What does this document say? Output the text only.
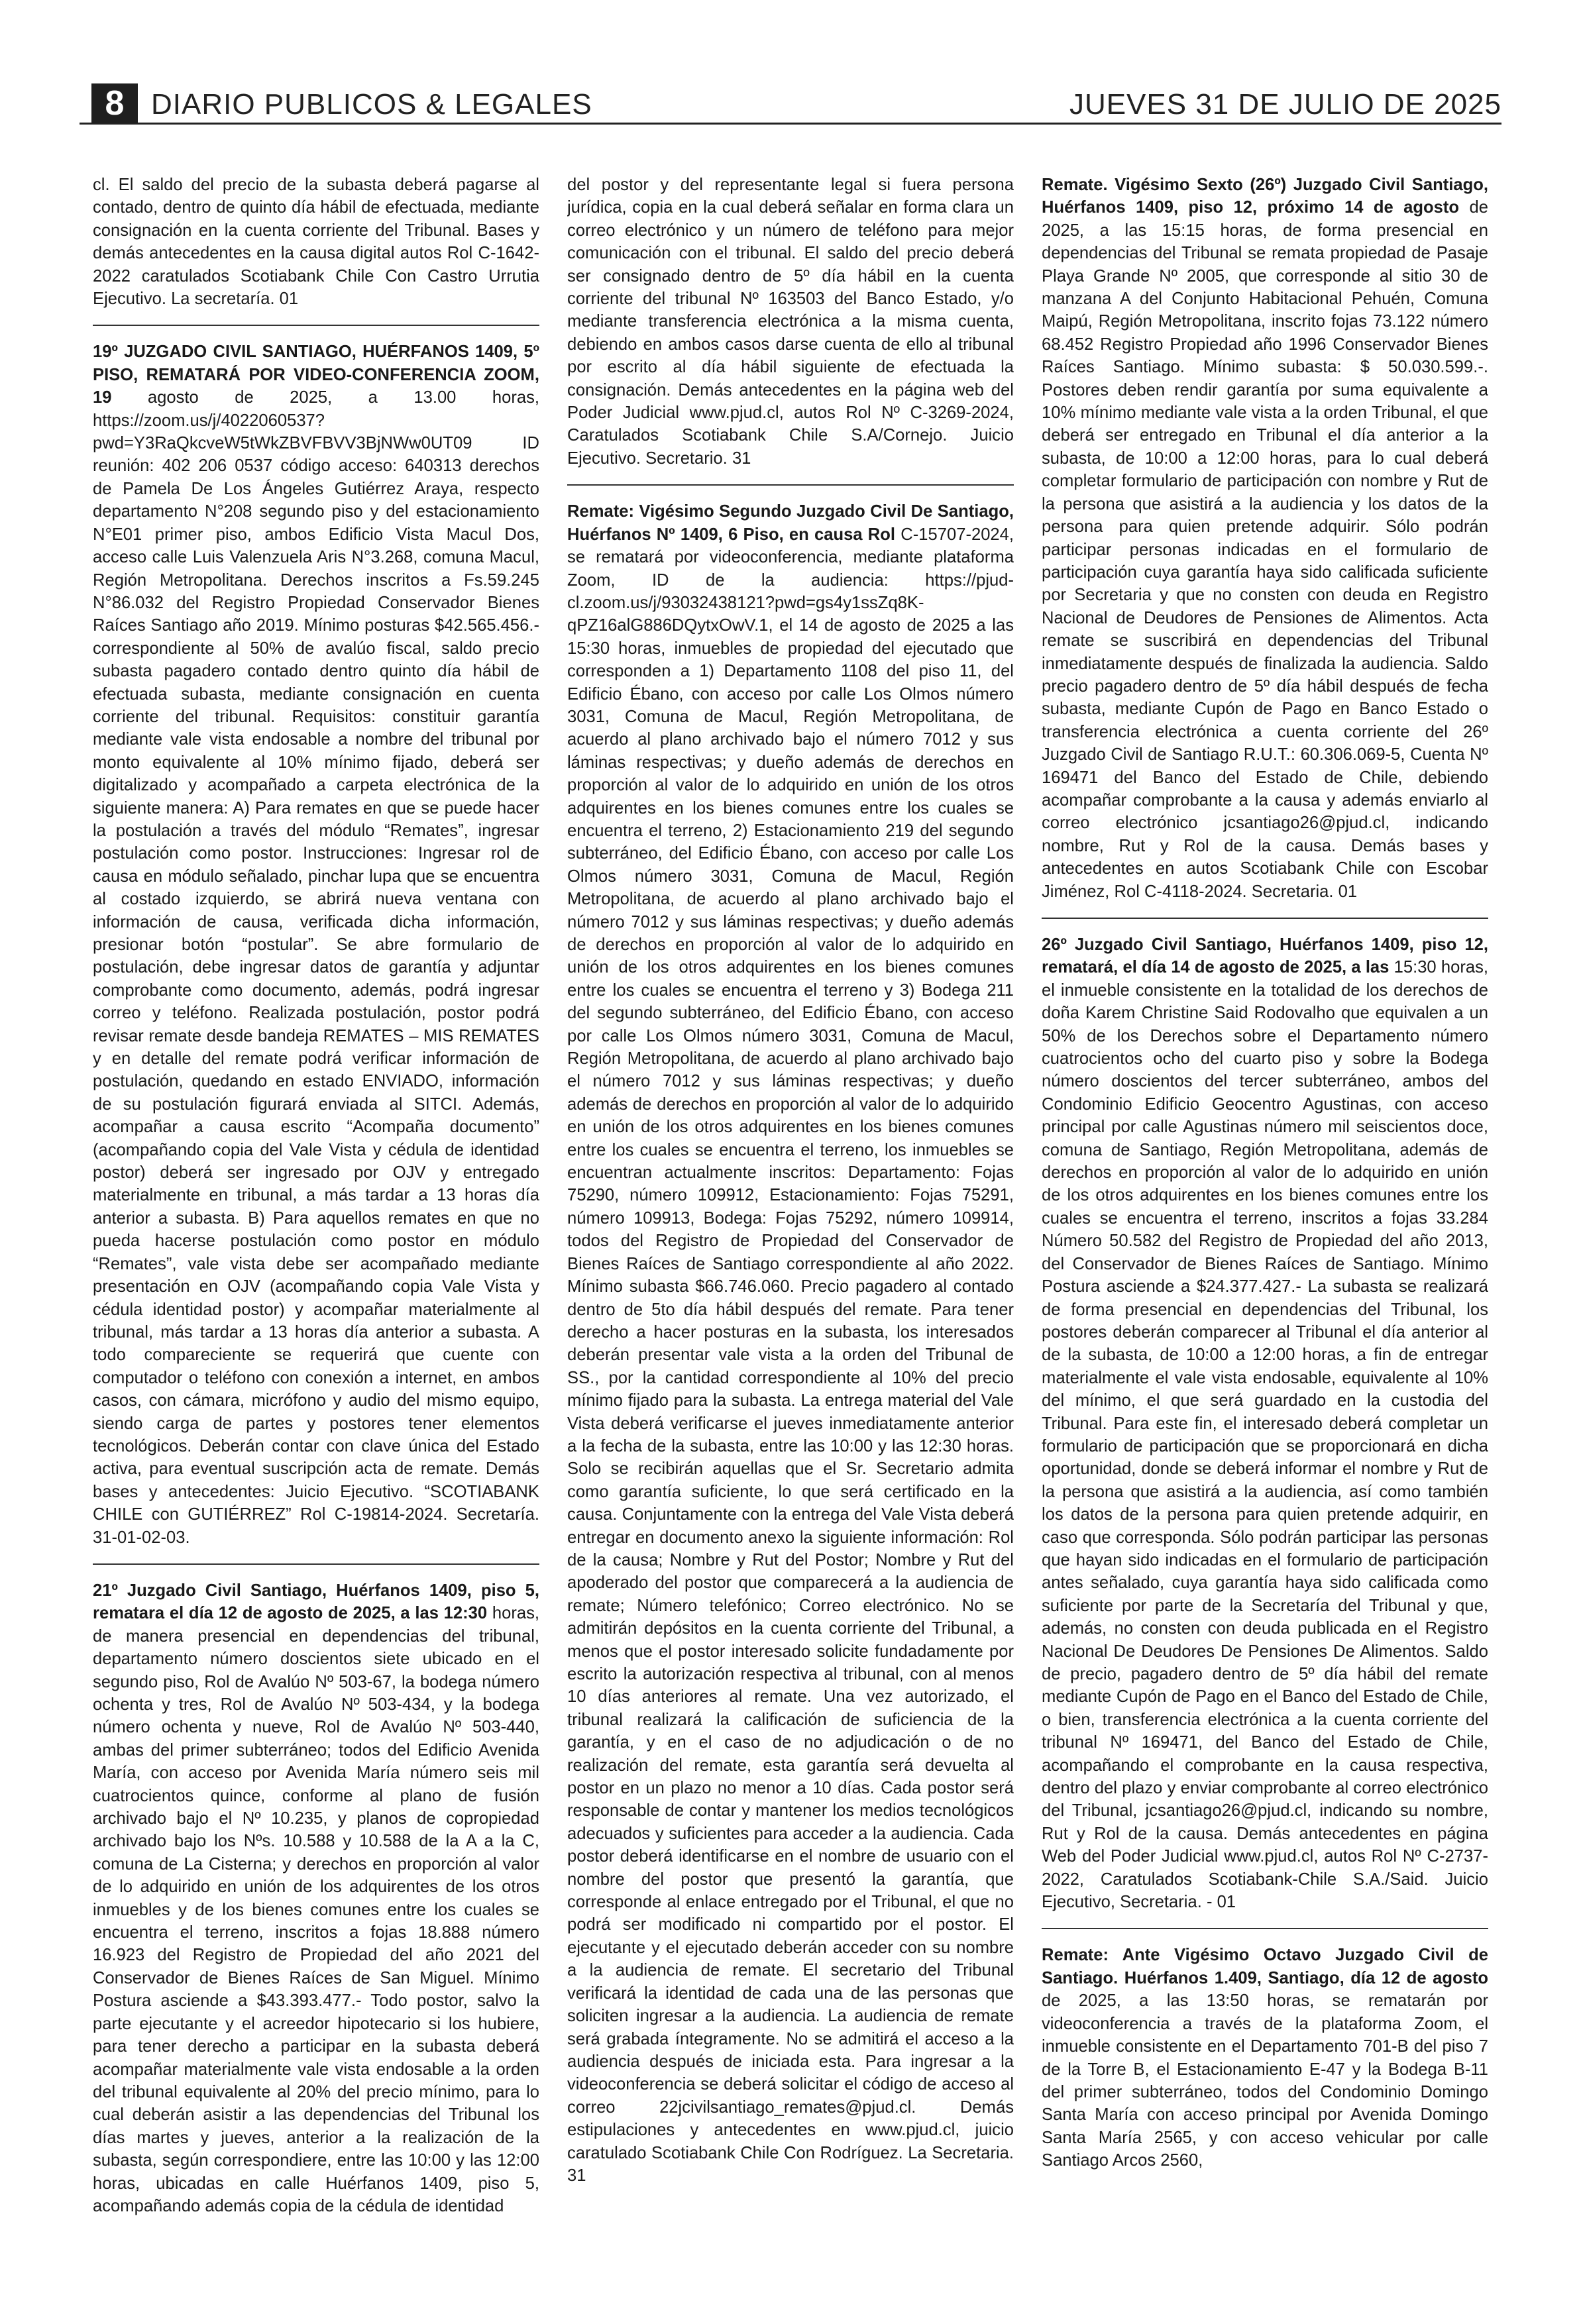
8 DIARIO PUBLICOS & LEGALES	JUEVES 31 DE JULIO DE 2025

cl. El saldo del precio de la subasta deberá pagarse al contado, dentro de quinto día hábil de efectuada, mediante consignación en la cuenta corriente del Tribunal. Bases y demás antecedentes en la causa digital autos Rol C-1642-2022 caratulados Scotiabank Chile Con Castro Urrutia Ejecutivo. La secretaría. 01

19º JUZGADO CIVIL SANTIAGO, HUÉRFANOS 1409, 5º PISO, REMATARÁ POR VIDEO-CONFERENCIA ZOOM, 19 agosto de 2025, a 13.00 horas, https://zoom.us/j/4022060537?pwd=Y3RaQkcveW5tWkZBVFBVV3BjNWw0UT09 ID reunión: 402 206 0537 código acceso: 640313 derechos de Pamela De Los Ángeles Gutiérrez Araya, respecto departamento N°208 segundo piso y del estacionamiento N°E01 primer piso, ambos Edificio Vista Macul Dos, acceso calle Luis Valenzuela Aris N°3.268, comuna Macul, Región Metropolitana. Derechos inscritos a Fs.59.245 N°86.032 del Registro Propiedad Conservador Bienes Raíces Santiago año 2019. Mínimo posturas $42.565.456.- correspondiente al 50% de avalúo fiscal, saldo precio subasta pagadero contado dentro quinto día hábil de efectuada subasta, mediante consignación en cuenta corriente del tribunal. Requisitos: constituir garantía mediante vale vista endosable a nombre del tribunal por monto equivalente al 10% mínimo fijado, deberá ser digitalizado y acompañado a carpeta electrónica de la siguiente manera: A) Para remates en que se puede hacer la postulación a través del módulo “Remates”, ingresar postulación como postor. Instrucciones: Ingresar rol de causa en módulo señalado, pinchar lupa que se encuentra al costado izquierdo, se abrirá nueva ventana con información de causa, verificada dicha información, presionar botón “postular”. Se abre formulario de postulación, debe ingresar datos de garantía y adjuntar comprobante como documento, además, podrá ingresar correo y teléfono. Realizada postulación, postor podrá revisar remate desde bandeja REMATES – MIS REMATES y en detalle del remate podrá verificar información de postulación, quedando en estado ENVIADO, información de su postulación figurará enviada al SITCI. Además, acompañar a causa escrito “Acompaña documento” (acompañando copia del Vale Vista y cédula de identidad postor) deberá ser ingresado por OJV y entregado materialmente en tribunal, a más tardar a 13 horas día anterior a subasta. B) Para aquellos remates en que no pueda hacerse postulación como postor en módulo “Remates”, vale vista debe ser acompañado mediante presentación en OJV (acompañando copia Vale Vista y cédula identidad postor) y acompañar materialmente al tribunal, más tardar a 13 horas día anterior a subasta. A todo compareciente se requerirá que cuente con computador o teléfono con conexión a internet, en ambos casos, con cámara, micrófono y audio del mismo equipo, siendo carga de partes y postores tener elementos tecnológicos. Deberán contar con clave única del Estado activa, para eventual suscripción acta de remate. Demás bases y antecedentes: Juicio Ejecutivo. “SCOTIABANK CHILE con GUTIÉRREZ” Rol C-19814-2024. Secretaría. 31-01-02-03.

21º Juzgado Civil Santiago, Huérfanos 1409, piso 5, rematara el día 12 de agosto de 2025, a las 12:30 horas, de manera presencial en dependencias del tribunal, departamento número doscientos siete ubicado en el segundo piso, Rol de Avalúo Nº 503-67, la bodega número ochenta y tres, Rol de Avalúo Nº 503-434, y la bodega número ochenta y nueve, Rol de Avalúo Nº 503-440, ambas del primer subterráneo; todos del Edificio Avenida María, con acceso por Avenida María número seis mil cuatrocientos quince, conforme al plano de fusión archivado bajo el Nº 10.235, y planos de copropiedad archivado bajo los Nºs. 10.588 y 10.588 de la A a la C, comuna de La Cisterna; y derechos en proporción al valor de lo adquirido en unión de los adquirentes de los otros inmuebles y de los bienes comunes entre los cuales se encuentra el terreno, inscritos a fojas 18.888 número 16.923 del Registro de Propiedad del año 2021 del Conservador de Bienes Raíces de San Miguel. Mínimo Postura asciende a $43.393.477.- Todo postor, salvo la parte ejecutante y el acreedor hipotecario si los hubiere, para tener derecho a participar en la subasta deberá acompañar materialmente vale vista endosable a la orden del tribunal equivalente al 20% del precio mínimo, para lo cual deberán asistir a las dependencias del Tribunal los días martes y jueves, anterior a la realización de la subasta, según correspondiere, entre las 10:00 y las 12:00 horas, ubicadas en calle Huérfanos 1409, piso 5, acompañando además copia de la cédula de identidad

del postor y del representante legal si fuera persona jurídica, copia en la cual deberá señalar en forma clara un correo electrónico y un número de teléfono para mejor comunicación con el tribunal. El saldo del precio deberá ser consignado dentro de 5º día hábil en la cuenta corriente del tribunal Nº 163503 del Banco Estado, y/o mediante transferencia electrónica a la misma cuenta, debiendo en ambos casos darse cuenta de ello al tribunal por escrito al día hábil siguiente de efectuada la consignación. Demás antecedentes en la página web del Poder Judicial www.pjud.cl, autos Rol Nº C-3269-2024, Caratulados Scotiabank Chile S.A/Cornejo. Juicio Ejecutivo. Secretario. 31

Remate: Vigésimo Segundo Juzgado Civil De Santiago, Huérfanos Nº 1409, 6 Piso, en causa Rol C-15707-2024, se rematará por videoconferencia, mediante plataforma Zoom, ID de la audiencia: https://pjud-cl.zoom.us/j/93032438121?pwd=gs4y1ssZq8K-qPZ16alG886DQytxOwV.1, el 14 de agosto de 2025 a las 15:30 horas, inmuebles de propiedad del ejecutado que corresponden a 1) Departamento 1108 del piso 11, del Edificio Ébano, con acceso por calle Los Olmos número 3031, Comuna de Macul, Región Metropolitana, de acuerdo al plano archivado bajo el número 7012 y sus láminas respectivas; y dueño además de derechos en proporción al valor de lo adquirido en unión de los otros adquirentes en los bienes comunes entre los cuales se encuentra el terreno, 2) Estacionamiento 219 del segundo subterráneo, del Edificio Ébano, con acceso por calle Los Olmos número 3031, Comuna de Macul, Región Metropolitana, de acuerdo al plano archivado bajo el número 7012 y sus láminas respectivas; y dueño además de derechos en proporción al valor de lo adquirido en unión de los otros adquirentes en los bienes comunes entre los cuales se encuentra el terreno y 3) Bodega 211 del segundo subterráneo, del Edificio Ébano, con acceso por calle Los Olmos número 3031, Comuna de Macul, Región Metropolitana, de acuerdo al plano archivado bajo el número 7012 y sus láminas respectivas; y dueño además de derechos en proporción al valor de lo adquirido en unión de los otros adquirentes en los bienes comunes entre los cuales se encuentra el terreno, los inmuebles se encuentran actualmente inscritos: Departamento: Fojas 75290, número 109912, Estacionamiento: Fojas 75291, número 109913, Bodega: Fojas 75292, número 109914, todos del Registro de Propiedad del Conservador de Bienes Raíces de Santiago correspondiente al año 2022. Mínimo subasta $66.746.060. Precio pagadero al contado dentro de 5to día hábil después del remate. Para tener derecho a hacer posturas en la subasta, los interesados deberán presentar vale vista a la orden del Tribunal de SS., por la cantidad correspondiente al 10% del precio mínimo fijado para la subasta. La entrega material del Vale Vista deberá verificarse el jueves inmediatamente anterior a la fecha de la subasta, entre las 10:00 y las 12:30 horas. Solo se recibirán aquellas que el Sr. Secretario admita como garantía suficiente, lo que será certificado en la causa. Conjuntamente con la entrega del Vale Vista deberá entregar en documento anexo la siguiente información: Rol de la causa; Nombre y Rut del Postor; Nombre y Rut del apoderado del postor que comparecerá a la audiencia de remate; Número telefónico; Correo electrónico. No se admitirán depósitos en la cuenta corriente del Tribunal, a menos que el postor interesado solicite fundadamente por escrito la autorización respectiva al tribunal, con al menos 10 días anteriores al remate. Una vez autorizado, el tribunal realizará la calificación de suficiencia de la garantía, y en el caso de no adjudicación o de no realización del remate, esta garantía será devuelta al postor en un plazo no menor a 10 días. Cada postor será responsable de contar y mantener los medios tecnológicos adecuados y suficientes para acceder a la audiencia. Cada postor deberá identificarse en el nombre de usuario con el nombre del postor que presentó la garantía, que corresponde al enlace entregado por el Tribunal, el que no podrá ser modificado ni compartido por el postor. El ejecutante y el ejecutado deberán acceder con su nombre a la audiencia de remate. El secretario del Tribunal verificará la identidad de cada una de las personas que soliciten ingresar a la audiencia. La audiencia de remate será grabada íntegramente. No se admitirá el acceso a la audiencia después de iniciada esta. Para ingresar a la videoconferencia se deberá solicitar el código de acceso al correo 22jcivilsantiago_remates@pjud.cl. Demás estipulaciones y antecedentes en www.pjud.cl, juicio caratulado Scotiabank Chile Con Rodríguez. La Secretaria. 31

Remate. Vigésimo Sexto (26º) Juzgado Civil Santiago, Huérfanos 1409, piso 12, próximo 14 de agosto de 2025, a las 15:15 horas, de forma presencial en dependencias del Tribunal se remata propiedad de Pasaje Playa Grande Nº 2005, que corresponde al sitio 30 de manzana A del Conjunto Habitacional Pehuén, Comuna Maipú, Región Metropolitana, inscrito fojas 73.122 número 68.452 Registro Propiedad año 1996 Conservador Bienes Raíces Santiago. Mínimo subasta: $ 50.030.599.-. Postores deben rendir garantía por suma equivalente a 10% mínimo mediante vale vista a la orden Tribunal, el que deberá ser entregado en Tribunal el día anterior a la subasta, de 10:00 a 12:00 horas, para lo cual deberá completar formulario de participación con nombre y Rut de la persona que asistirá a la audiencia y los datos de la persona para quien pretende adquirir. Sólo podrán participar personas indicadas en el formulario de participación cuya garantía haya sido calificada suficiente por Secretaria y que no consten con deuda en Registro Nacional de Deudores de Pensiones de Alimentos. Acta remate se suscribirá en dependencias del Tribunal inmediatamente después de finalizada la audiencia. Saldo precio pagadero dentro de 5º día hábil después de fecha subasta, mediante Cupón de Pago en Banco Estado o transferencia electrónica a cuenta corriente del 26º Juzgado Civil de Santiago R.U.T.: 60.306.069-5, Cuenta Nº 169471 del Banco del Estado de Chile, debiendo acompañar comprobante a la causa y además enviarlo al correo electrónico jcsantiago26@pjud.cl, indicando nombre, Rut y Rol de la causa. Demás bases y antecedentes en autos Scotiabank Chile con Escobar Jiménez, Rol C-4118-2024. Secretaria. 01

26º Juzgado Civil Santiago, Huérfanos 1409, piso 12, rematará, el día 14 de agosto de 2025, a las 15:30 horas, el inmueble consistente en la totalidad de los derechos de doña Karem Christine Said Rodovalho que equivalen a un 50% de los Derechos sobre el Departamento número cuatrocientos ocho del cuarto piso y sobre la Bodega número doscientos del tercer subterráneo, ambos del Condominio Edificio Geocentro Agustinas, con acceso principal por calle Agustinas número mil seiscientos doce, comuna de Santiago, Región Metropolitana, además de derechos en proporción al valor de lo adquirido en unión de los otros adquirentes en los bienes comunes entre los cuales se encuentra el terreno, inscritos a fojas 33.284 Número 50.582 del Registro de Propiedad del año 2013, del Conservador de Bienes Raíces de Santiago. Mínimo Postura asciende a $24.377.427.- La subasta se realizará de forma presencial en dependencias del Tribunal, los postores deberán comparecer al Tribunal el día anterior al de la subasta, de 10:00 a 12:00 horas, a fin de entregar materialmente el vale vista endosable, equivalente al 10% del mínimo, el que será guardado en la custodia del Tribunal. Para este fin, el interesado deberá completar un formulario de participación que se proporcionará en dicha oportunidad, donde se deberá informar el nombre y Rut de la persona que asistirá a la audiencia, así como también los datos de la persona para quien pretende adquirir, en caso que corresponda. Sólo podrán participar las personas que hayan sido indicadas en el formulario de participación antes señalado, cuya garantía haya sido calificada como suficiente por parte de la Secretaría del Tribunal y que, además, no consten con deuda publicada en el Registro Nacional De Deudores De Pensiones De Alimentos. Saldo de precio, pagadero dentro de 5º día hábil del remate mediante Cupón de Pago en el Banco del Estado de Chile, o bien, transferencia electrónica a la cuenta corriente del tribunal Nº 169471, del Banco del Estado de Chile, acompañando el comprobante en la causa respectiva, dentro del plazo y enviar comprobante al correo electrónico del Tribunal, jcsantiago26@pjud.cl, indicando su nombre, Rut y Rol de la causa. Demás antecedentes en página Web del Poder Judicial www.pjud.cl, autos Rol Nº C-2737-2022, Caratulados Scotiabank-Chile S.A./Said. Juicio Ejecutivo, Secretaria. - 01

Remate: Ante Vigésimo Octavo Juzgado Civil de Santiago. Huérfanos 1.409, Santiago, día 12 de agosto de 2025, a las 13:50 horas, se rematarán por videoconferencia a través de la plataforma Zoom, el inmueble consistente en el Departamento 701-B del piso 7 de la Torre B, el Estacionamiento E-47 y la Bodega B-11 del primer subterráneo, todos del Condominio Domingo Santa María con acceso principal por Avenida Domingo Santa María 2565, y con acceso vehicular por calle Santiago Arcos 2560,
